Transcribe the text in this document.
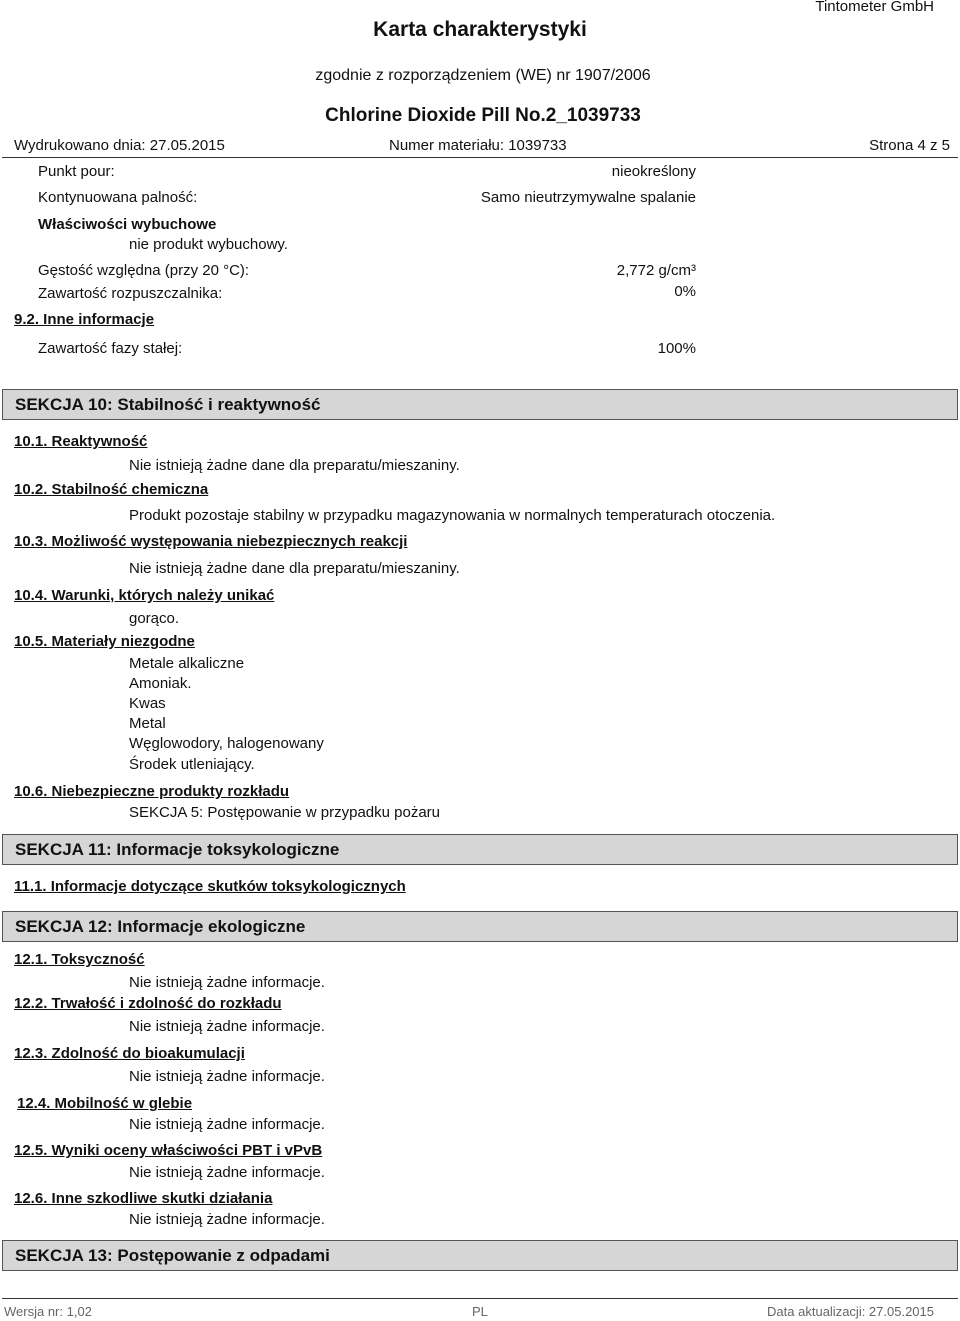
Karta charakterystyki
Tintometer GmbH
zgodnie z rozporządzeniem (WE) nr 1907/2006
Chlorine Dioxide Pill No.2_1039733
Wydrukowano dnia: 27.05.2015	Numer materiału: 1039733	Strona 4 z 5
Punkt pour:	nieokreślony
Kontynuowana palność:	Samo nieutrzymywalne spalanie
Właściwości wybuchowe
nie produkt wybuchowy.
Gęstość względna (przy 20 °C):	2,772 g/cm³
Zawartość rozpuszczalnika:	0%
9.2. Inne informacje
Zawartość fazy stałej:	100%
SEKCJA 10: Stabilność i reaktywność
10.1. Reaktywność
Nie istnieją żadne dane dla preparatu/mieszaniny.
10.2. Stabilność chemiczna
Produkt pozostaje stabilny w przypadku magazynowania w normalnych temperaturach otoczenia.
10.3. Możliwość występowania niebezpiecznych reakcji
Nie istnieją żadne dane dla preparatu/mieszaniny.
10.4. Warunki, których należy unikać
gorąco.
10.5. Materiały niezgodne
Metale alkaliczne
Amoniak.
Kwas
Metal
Węglowodory, halogenowany
Środek utleniający.
10.6. Niebezpieczne produkty rozkładu
SEKCJA 5: Postępowanie w przypadku pożaru
SEKCJA 11: Informacje toksykologiczne
11.1. Informacje dotyczące skutków toksykologicznych
SEKCJA 12: Informacje ekologiczne
12.1. Toksyczność
Nie istnieją żadne informacje.
12.2. Trwałość i zdolność do rozkładu
Nie istnieją żadne informacje.
12.3. Zdolność do bioakumulacji
Nie istnieją żadne informacje.
12.4. Mobilność w glebie
Nie istnieją żadne informacje.
12.5. Wyniki oceny właściwości PBT i vPvB
Nie istnieją żadne informacje.
12.6. Inne szkodliwe skutki działania
Nie istnieją żadne informacje.
SEKCJA 13: Postępowanie z odpadami
Wersja nr: 1,02	PL	Data aktualizacji: 27.05.2015
